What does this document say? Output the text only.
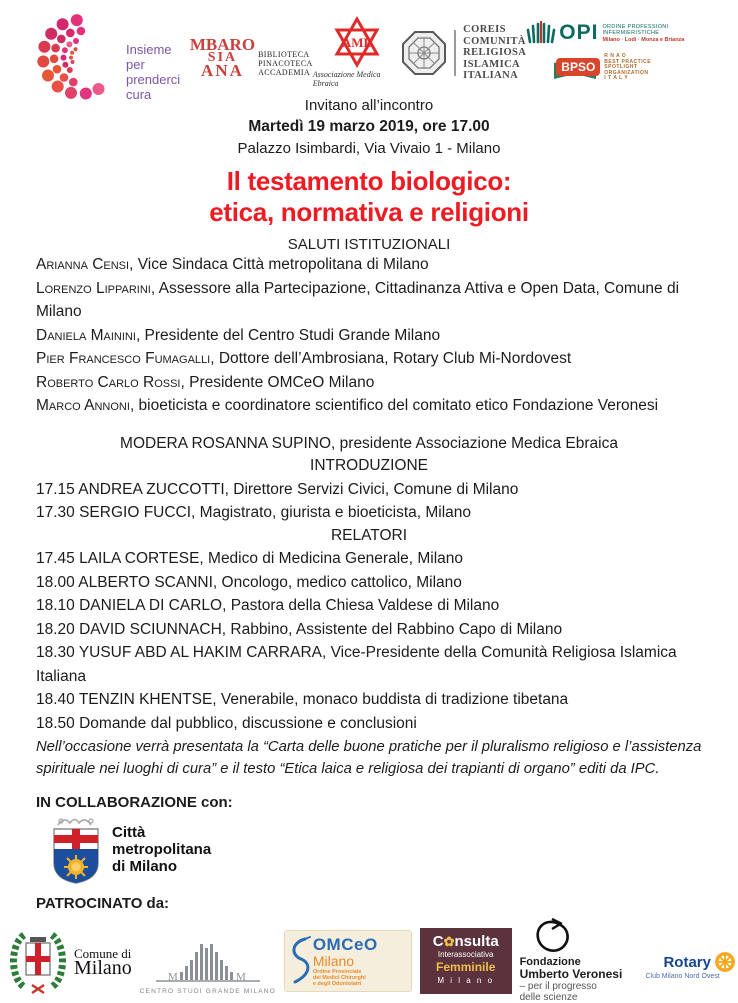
Insieme
per prenderci
cura
MBARO
SIA
ANA
BIBLIOTECA
PINACOTECA
ACCADEMIA
AME
Associazione Medica Ebraica
COREIS
COMUNITÀ
RELIGIOSA
ISLAMICA
ITALIANA
OPI ORDINE PROFESSIONI INFERMIERISTICHE
Milano · Lodi · Monza e Brianza
BPSO
R N A O
BEST PRACTICE
SPOTLIGHT
ORGANIZATION
I T A L Y
Invitano all’incontro
Martedì 19 marzo 2019, ore 17.00
Palazzo Isimbardi, Via Vivaio 1 - Milano
Il testamento biologico:
etica, normativa e religioni
SALUTI ISTITUZIONALI
Arianna Censi, Vice Sindaca Città metropolitana di Milano
Lorenzo Lipparini, Assessore alla Partecipazione, Cittadinanza Attiva e Open Data, Comune di Milano
Daniela Mainini, Presidente del Centro Studi Grande Milano
Pier Francesco Fumagalli, Dottore dell’Ambrosiana, Rotary Club Mi-Nordovest
Roberto Carlo Rossi, Presidente OMCeO Milano
Marco Annoni, bioeticista e coordinatore scientifico del comitato etico Fondazione Veronesi
MODERA ROSANNA SUPINO, presidente Associazione Medica Ebraica
INTRODUZIONE
17.15 ANDREA ZUCCOTTI, Direttore Servizi Civici, Comune di Milano
17.30 SERGIO FUCCI, Magistrato, giurista e bioeticista, Milano
RELATORI
17.45 LAILA CORTESE, Medico di Medicina Generale, Milano
18.00 ALBERTO SCANNI, Oncologo, medico cattolico, Milano
18.10 DANIELA DI CARLO, Pastora della Chiesa Valdese di Milano
18.20 DAVID SCIUNNACH, Rabbino, Assistente del Rabbino Capo di Milano
18.30 YUSUF ABD AL HAKIM CARRARA, Vice-Presidente della Comunità Religiosa Islamica Italiana
18.40 TENZIN KHENTSE, Venerabile, monaco buddista di tradizione tibetana
18.50 Domande dal pubblico, discussione e conclusioni
Nell’occasione verrà presentata la “Carta delle buone pratiche per il pluralismo religioso e l’assistenza spirituale nei luoghi di cura” e il testo “Etica laica e religiosa dei trapianti di organo” editi da IPC.
IN COLLABORAZIONE con:
Città
metropolitana
di Milano
PATROCINATO da:
Comune di
Milano	M	M
CENTRO STUDI GRANDE MILANO
OMCeO
Milano
Ordine Provinciale
dei Medici Chirurghi
e degli Odontoiatri
C✿nsulta
Interassociativa
Femminile
M i l a n o
Fondazione
Umberto Veronesi
– per il progresso
delle scienze
Rotary
Club Milano Nord Ovest
